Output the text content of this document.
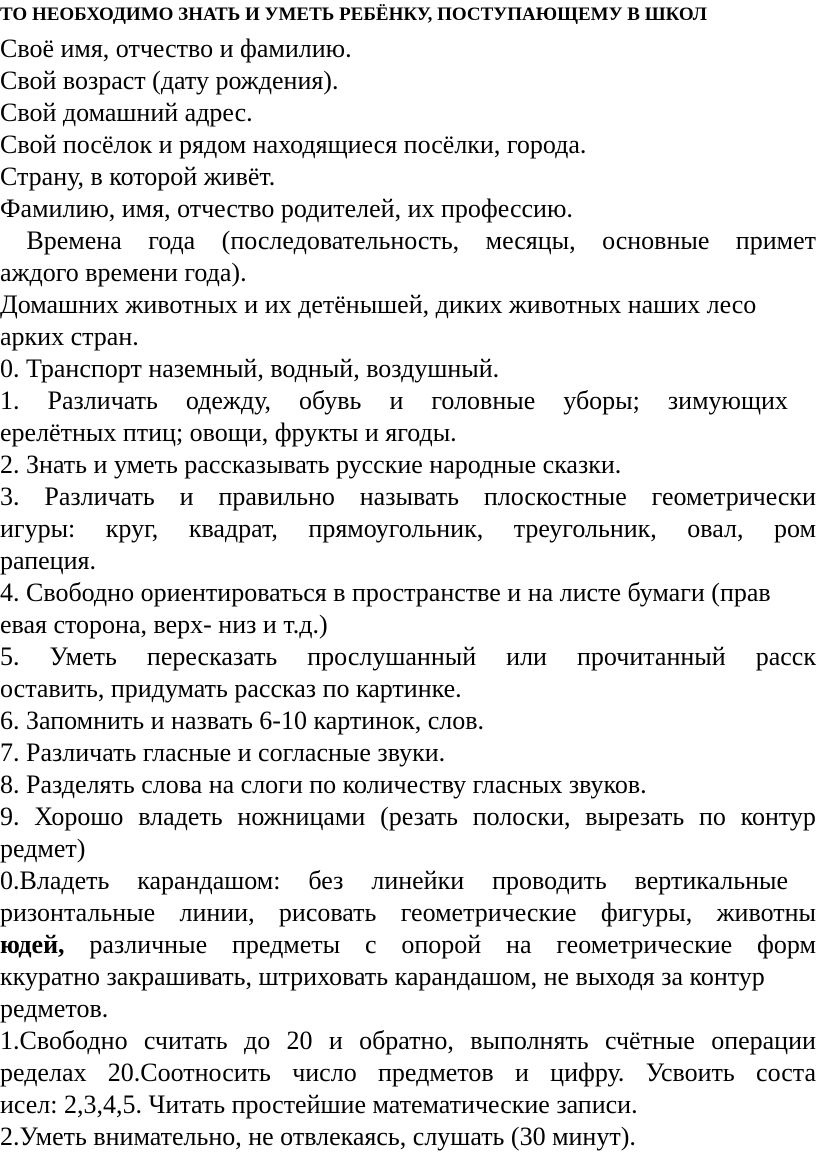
ТО НЕОБХОДИМО ЗНАТЬ И УМЕТЬ РЕБЁНКУ, ПОСТУПАЮЩЕМУ В ШКОЛ
Своё имя, отчество и фамилию.
Свой возраст (дату рождения).
Свой домашний адрес.
Свой посёлок и рядом находящиеся посёлки, города.
Страну, в которой живёт.
Фамилию, имя, отчество родителей, их профессию.
Времена года (последовательность, месяцы, основные примет
аждого времени года).
Домашних животных и их детёнышей, диких животных наших лесо
арких стран.
0. Транспорт наземный, водный, воздушный.
1. Различать одежду, обувь и головные уборы; зимующих
ерелётных птиц; овощи, фрукты и ягоды.
2. Знать и уметь рассказывать русские народные сказки.
3. Различать и правильно называть плоскостные геометрически
игуры: круг, квадрат, прямоугольник, треугольник, овал, ром
рапеция.
4. Свободно ориентироваться в пространстве и на листе бумаги (прав
евая сторона, верх- низ и т.д.)
5. Уметь пересказать прослушанный или прочитанный расск
оставить, придумать рассказ по картинке.
6. Запомнить и назвать 6-10 картинок, слов.
7. Различать гласные и согласные звуки.
8. Разделять слова на слоги по количеству гласных звуков.
9. Хорошо владеть ножницами (резать полоски, вырезать по контур
редмет)
0.Владеть карандашом: без линейки проводить вертикальные
ризонтальные линии, рисовать геометрические фигуры, животны
юдей, различные предметы с опорой на геометрические форм
ккуратно закрашивать, штриховать карандашом, не выходя за контур
редметов.
1.Свободно считать до 20 и обратно, выполнять счётные операции
ределах 20.Соотносить число предметов и цифру. Усвоить соста
исел: 2,3,4,5. Читать простейшие математические записи.
2.Уметь внимательно, не отвлекаясь, слушать (30 минут).
